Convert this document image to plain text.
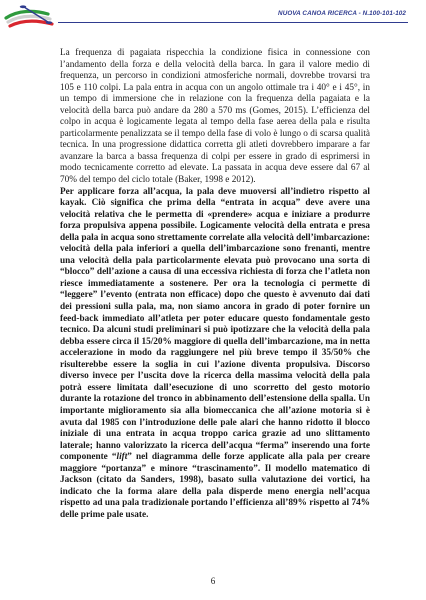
NUOVA CANOA RICERCA - N.100-101-102

La frequenza di pagaiata rispecchia la condizione fisica in connessione con l’andamento della forza e della velocità della barca. In gara il valore medio di frequenza, un percorso in condizioni atmosferiche normali, dovrebbe trovarsi tra 105 e 110 colpi. La pala entra in acqua con un angolo ottimale tra i 40° e i 45°, in un tempo di immersione che in relazione con la frequenza della pagaiata e la velocità della barca può andare da 280 a 570 ms (Gomes, 2015). L’efficienza del colpo in acqua è logicamente legata al tempo della fase aerea della pala e risulta particolarmente penalizzata se il tempo della fase di volo è lungo o di scarsa qualità tecnica. In una progressione didattica corretta gli atleti dovrebbero imparare a far avanzare la barca a bassa frequenza di colpi per essere in grado di esprimersi in modo tecnicamente corretto ad elevate. La passata in acqua deve essere dal 67 al 70% del tempo del ciclo totale (Baker, 1998 e 2012).

Per applicare forza all’acqua, la pala deve muoversi all’indietro rispetto al kayak. Ciò significa che prima della “entrata in acqua” deve avere una velocità relativa che le permetta di «prendere» acqua e iniziare a produrre forza propulsiva appena possibile. Logicamente velocità della entrata e presa della pala in acqua sono strettamente correlate alla velocità dell’imbarcazione: velocità della pala inferiori a quella dell’imbarcazione sono frenanti, mentre una velocità della pala particolarmente elevata può provocano una sorta di “blocco” dell’azione a causa di una eccessiva richiesta di forza che l’atleta non riesce immediatamente a sostenere. Per ora la tecnologia ci permette di “leggere” l’evento (entrata non efficace) dopo che questo è avvenuto dai dati dei pressioni sulla pala, ma, non siamo ancora in grado di poter fornire un feed-back immediato all’atleta per poter educare questo fondamentale gesto tecnico. Da alcuni studi preliminari si può ipotizzare che la velocità della pala debba essere circa il 15/20% maggiore di quella dell’imbarcazione, ma in netta accelerazione in modo da raggiungere nel più breve tempo il 35/50% che risulterebbe essere la soglia in cui l’azione diventa propulsiva. Discorso diverso invece per l’uscita dove la ricerca della massima velocità della pala potrà essere limitata dall’esecuzione di uno scorretto del gesto motorio durante la rotazione del tronco in abbinamento dell’estensione della spalla. Un importante miglioramento sia alla biomeccanica che all’azione motoria si è avuta dal 1985 con l’introduzione delle pale alari che hanno ridotto il blocco iniziale di una entrata in acqua troppo carica grazie ad uno slittamento laterale; hanno valorizzato la ricerca dell’acqua “ferma” inserendo una forte componente “lift” nel diagramma delle forze applicate alla pala per creare maggiore “portanza” e minore “trascinamento”. Il modello matematico di Jackson (citato da Sanders, 1998), basato sulla valutazione dei vortici, ha indicato che la forma alare della pala disperde meno energia nell’acqua rispetto ad una pala tradizionale portando l’efficienza all’89% rispetto al 74% delle prime pale usate.

6
